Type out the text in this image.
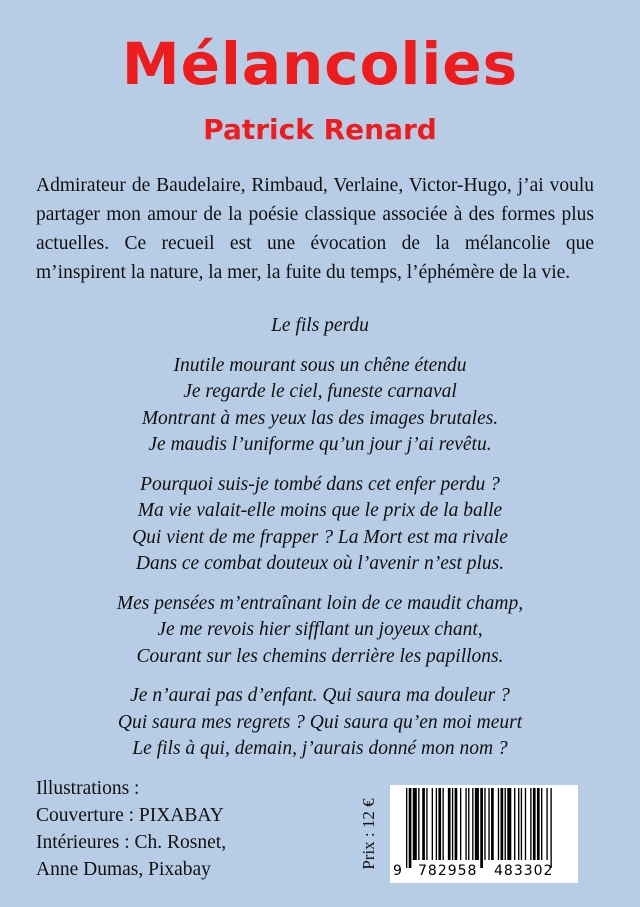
Mélancolies
Patrick Renard

Admirateur de Baudelaire, Rimbaud, Verlaine, Victor-Hugo, j’ai voulu partager mon amour de la poésie classique associée à des formes plus actuelles. Ce recueil est une évocation de la mélancolie que m’inspirent la nature, la mer, la fuite du temps, l’éphémère de la vie.

Le fils perdu
Inutile mourant sous un chêne étendu
Je regarde le ciel, funeste carnaval
Montrant à mes yeux las des images brutales.
Je maudis l’uniforme qu’un jour j’ai revêtu.
Pourquoi suis-je tombé dans cet enfer perdu ?
Ma vie valait-elle moins que le prix de la balle
Qui vient de me frapper ? La Mort est ma rivale
Dans ce combat douteux où l’avenir n’est plus.
Mes pensées m’entraînant loin de ce maudit champ,
Je me revois hier sifflant un joyeux chant,
Courant sur les chemins derrière les papillons.
Je n’aurai pas d’enfant. Qui saura ma douleur ?
Qui saura mes regrets ? Qui saura qu’en moi meurt
Le fils à qui, demain, j’aurais donné mon nom ?
Illustrations :
Couverture : PIXABAY
Intérieures : Ch. Rosnet,
Anne Dumas, Pixabay	Prix : 12 €
9 782958 483302
